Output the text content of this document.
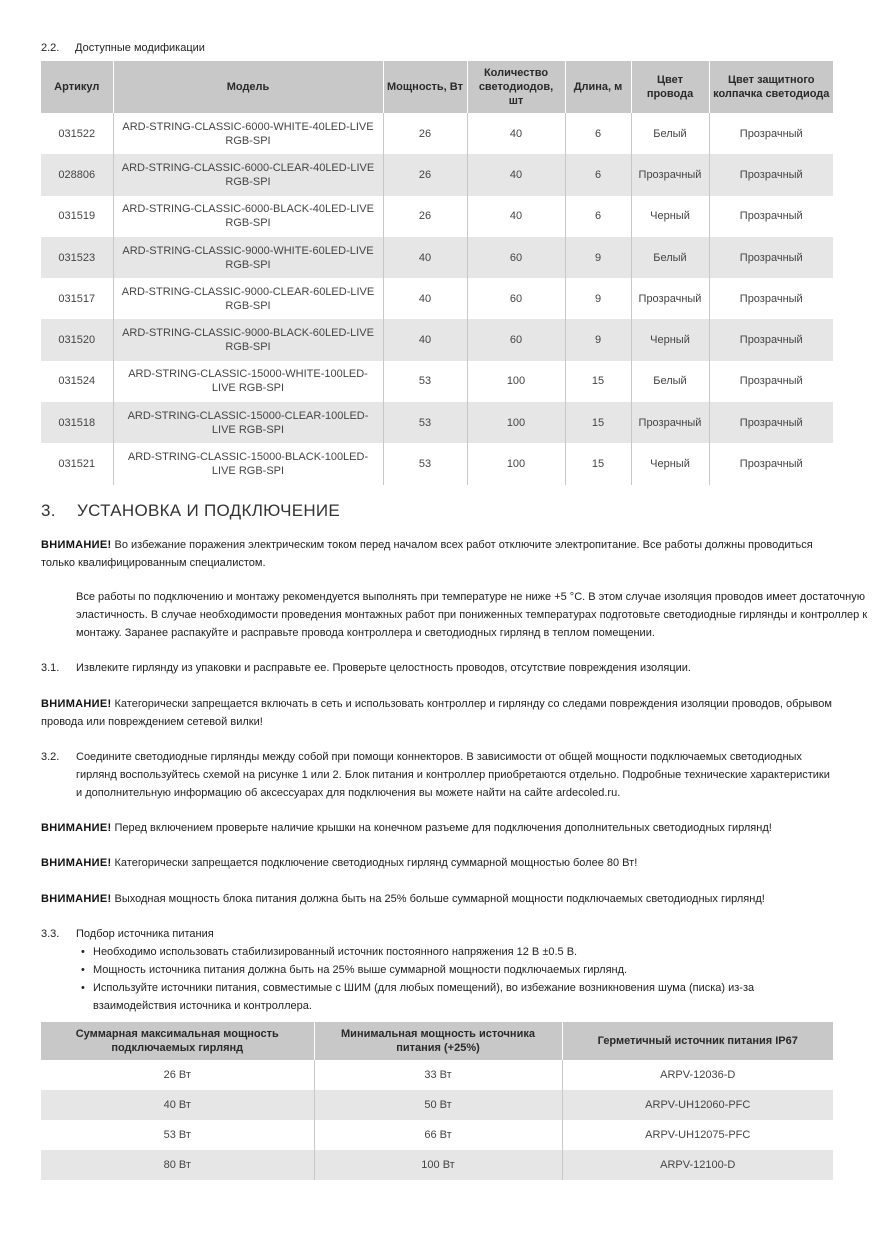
2.2. Доступные модификации
Артикул	Модель	Мощность, Вт	Количество светодиодов, шт	Длина, м	Цвет провода	Цвет защитного колпачка светодиода
031522	ARD-STRING-CLASSIC-6000-WHITE-40LED-LIVE RGB-SPI	26	40	6	Белый	Прозрачный
028806	ARD-STRING-CLASSIC-6000-CLEAR-40LED-LIVE RGB-SPI	26	40	6	Прозрачный	Прозрачный
031519	ARD-STRING-CLASSIC-6000-BLACK-40LED-LIVE RGB-SPI	26	40	6	Черный	Прозрачный
031523	ARD-STRING-CLASSIC-9000-WHITE-60LED-LIVE RGB-SPI	40	60	9	Белый	Прозрачный
031517	ARD-STRING-CLASSIC-9000-CLEAR-60LED-LIVE RGB-SPI	40	60	9	Прозрачный	Прозрачный
031520	ARD-STRING-CLASSIC-9000-BLACK-60LED-LIVE RGB-SPI	40	60	9	Черный	Прозрачный
031524	ARD-STRING-CLASSIC-15000-WHITE-100LED-LIVE RGB-SPI	53	100	15	Белый	Прозрачный
031518	ARD-STRING-CLASSIC-15000-CLEAR-100LED-LIVE RGB-SPI	53	100	15	Прозрачный	Прозрачный
031521	ARD-STRING-CLASSIC-15000-BLACK-100LED-LIVE RGB-SPI	53	100	15	Черный	Прозрачный
3. УСТАНОВКА И ПОДКЛЮЧЕНИЕ
ВНИМАНИЕ! Во избежание поражения электрическим током перед началом всех работ отключите электропитание. Все работы должны проводиться только квалифицированным специалистом.
Все работы по подключению и монтажу рекомендуется выполнять при температуре не ниже +5 °С. В этом случае изоляция проводов имеет достаточную эластичность. В случае необходимости проведения монтажных работ при пониженных температурах подготовьте светодиодные гирлянды и контроллер к монтажу. Заранее распакуйте и расправьте провода контроллера и светодиодных гирлянд в теплом помещении.
3.1.	Извлеките гирлянду из упаковки и расправьте ее. Проверьте целостность проводов, отсутствие повреждения изоляции.
ВНИМАНИЕ! Категорически запрещается включать в сеть и использовать контроллер и гирлянду со следами повреждения изоляции проводов, обрывом провода или повреждением сетевой вилки!
3.2.	Соедините светодиодные гирлянды между собой при помощи коннекторов. В зависимости от общей мощности подключаемых светодиодных гирлянд воспользуйтесь схемой на рисунке 1 или 2. Блок питания и контроллер приобретаются отдельно. Подробные технические характеристики и дополнительную информацию об аксессуарах для подключения вы можете найти на сайте ardecoled.ru.
ВНИМАНИЕ! Перед включением проверьте наличие крышки на конечном разъеме для подключения дополнительных светодиодных гирлянд!
ВНИМАНИЕ! Категорически запрещается подключение светодиодных гирлянд суммарной мощностью более 80 Вт!
ВНИМАНИЕ! Выходная мощность блока питания должна быть на 25% больше суммарной мощности подключаемых светодиодных гирлянд!
3.3.	Подбор источника питания
• Необходимо использовать стабилизированный источник постоянного напряжения 12 В ±0.5 В.
• Мощность источника питания должна быть на 25% выше суммарной мощности подключаемых гирлянд.
• Используйте источники питания, совместимые с ШИМ (для любых помещений), во избежание возникновения шума (писка) из-за взаимодействия источника и контроллера.
Суммарная максимальная мощность подключаемых гирлянд	Минимальная мощность источника питания (+25%)	Герметичный источник питания IP67
26 Вт	33 Вт	ARPV-12036-D
40 Вт	50 Вт	ARPV-UH12060-PFC
53 Вт	66 Вт	ARPV-UH12075-PFC
80 Вт	100 Вт	ARPV-12100-D
